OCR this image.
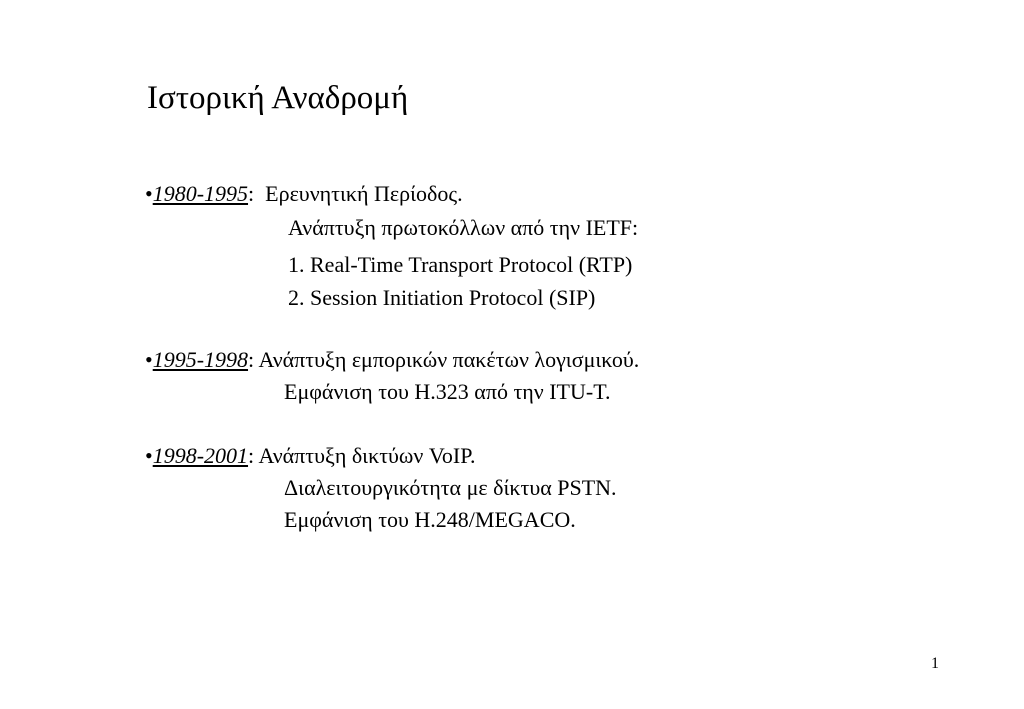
Ιστορική Αναδρομή
•1980-1995:  Ερευνητική Περίοδος.
Ανάπτυξη πρωτοκόλλων από την IETF:
1. Real-Time Transport Protocol (RTP)
2. Session Initiation Protocol (SIP)
•1995-1998: Ανάπτυξη εμπορικών πακέτων λογισμικού.
Εμφάνιση του H.323 από την ITU-T.
•1998-2001: Ανάπτυξη δικτύων VoIP.
Διαλειτουργικότητα με δίκτυα PSTN.
Εμφάνιση του H.248/MEGACO.
1
